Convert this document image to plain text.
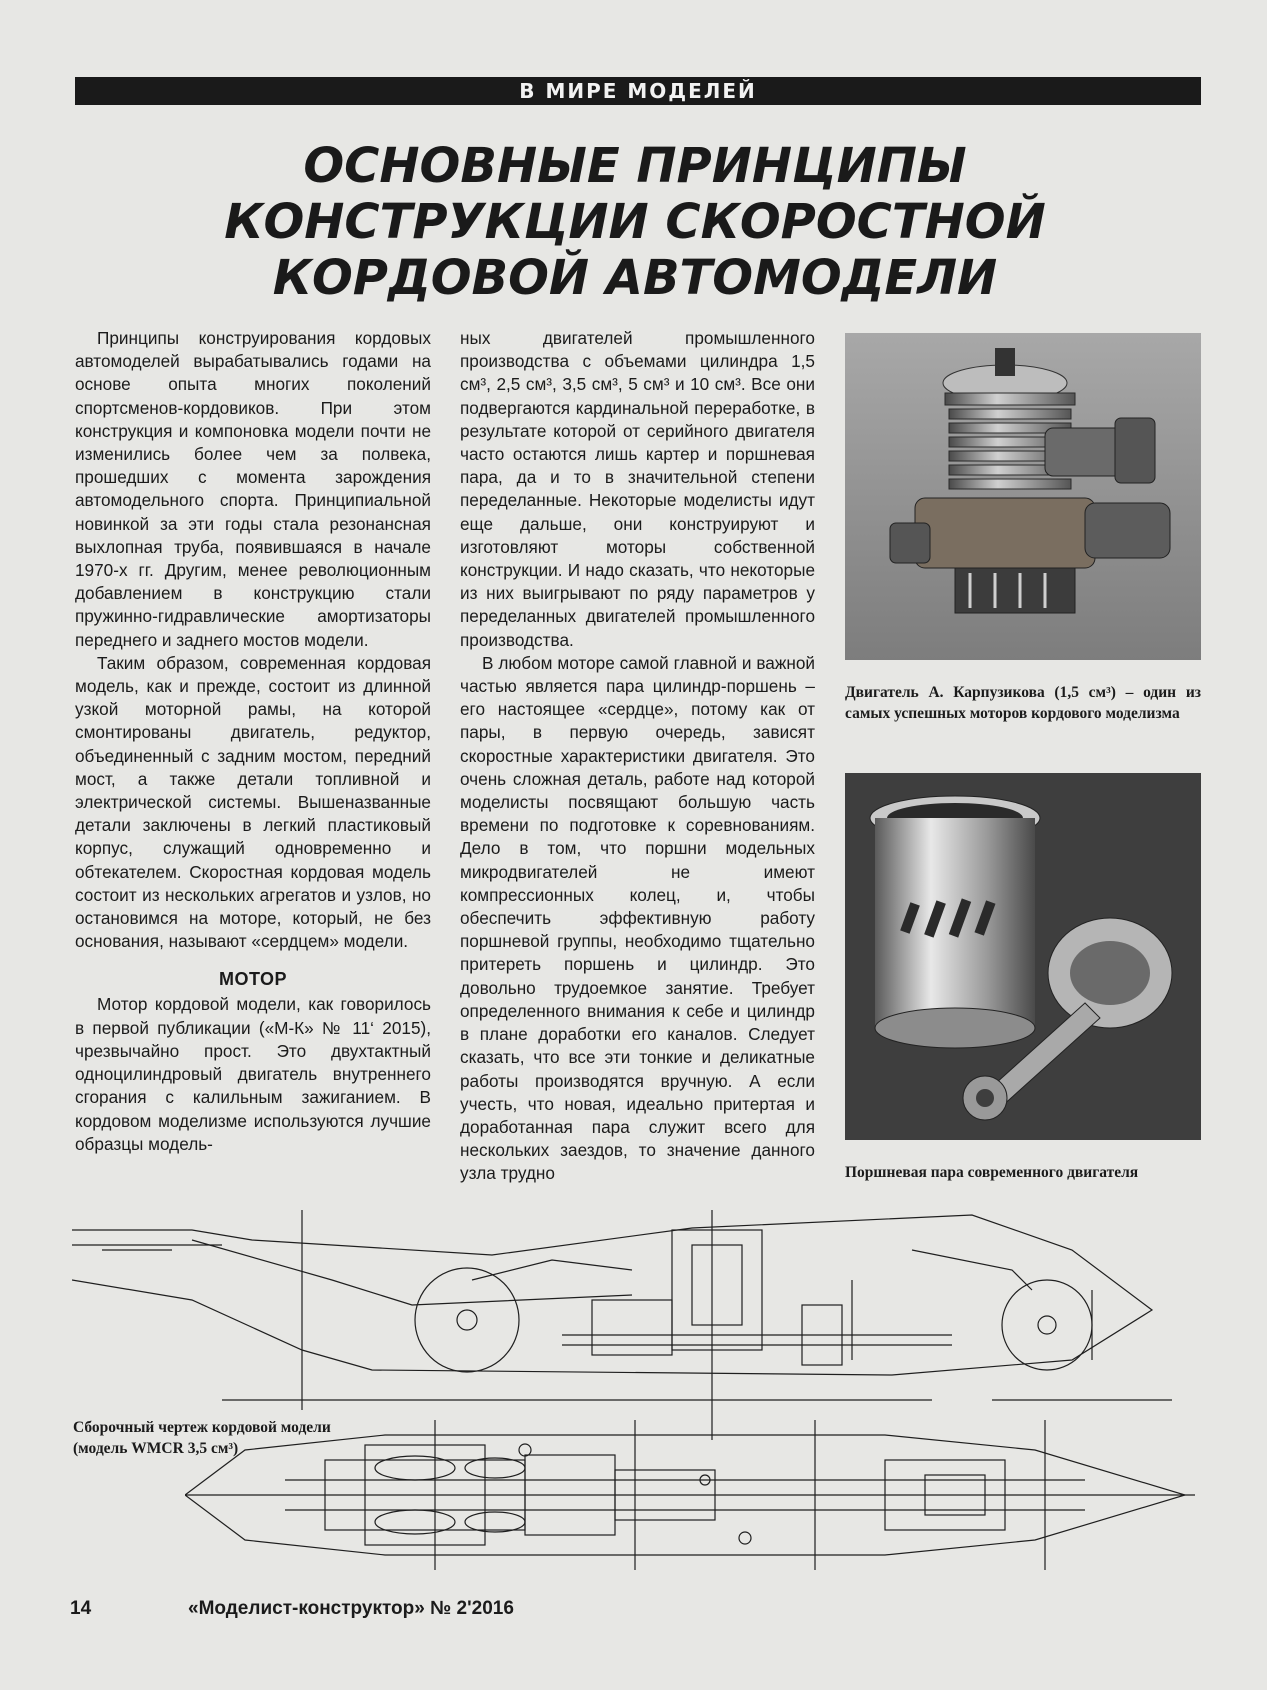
В МИРЕ МОДЕЛЕЙ
ОСНОВНЫЕ ПРИНЦИПЫ
КОНСТРУКЦИИ СКОРОСТНОЙ
КОРДОВОЙ АВТОМОДЕЛИ

Принципы конструирования кордовых автомоделей вырабатывались годами на основе опыта многих поколений спортсменов-кордовиков. При этом конструкция и компоновка модели почти не изменились более чем за полвека, прошедших с момента зарождения автомодельного спорта. Принципиальной новинкой за эти годы стала резонансная выхлопная труба, появившаяся в начале 1970-х гг. Другим, менее революционным добавлением в конструкцию стали пружинно-гидравлические амортизаторы переднего и заднего мостов модели.

Таким образом, современная кордовая модель, как и прежде, состоит из длинной узкой моторной рамы, на которой смонтированы двигатель, редуктор, объединенный с задним мостом, передний мост, а также детали топливной и электрической системы. Вышеназванные детали заключены в легкий пластиковый корпус, служащий одновременно и обтекателем. Скоростная кордовая модель состоит из нескольких агрегатов и узлов, но остановимся на моторе, который, не без основания, называют «сердцем» модели.

МОТОР

Мотор кордовой модели, как говорилось в первой публикации («М-К» № 11‘ 2015), чрезвычайно прост. Это двухтактный одноцилиндровый двигатель внутреннего сгорания с калильным зажиганием. В кордовом моделизме используются лучшие образцы модель-

ных двигателей промышленного производства с объемами цилиндра 1,5 см³, 2,5 см³, 3,5 см³, 5 см³ и 10 см³. Все они подвергаются кардинальной переработке, в результате которой от серийного двигателя часто остаются лишь картер и поршневая пара, да и то в значительной степени переделанные. Некоторые моделисты идут еще дальше, они конструируют и изготовляют моторы собственной конструкции. И надо сказать, что некоторые из них выигрывают по ряду параметров у переделанных двигателей промышленного производства.

В любом моторе самой главной и важной частью является пара цилиндр-поршень – его настоящее «сердце», потому как от пары, в первую очередь, зависят скоростные характеристики двигателя. Это очень сложная деталь, работе над которой моделисты посвящают большую часть времени по подготовке к соревнованиям. Дело в том, что поршни модельных микродвигателей не имеют компрессионных колец, и, чтобы обеспечить эффективную работу поршневой группы, необходимо тщательно притереть поршень и цилиндр. Это довольно трудоемкое занятие. Требует определенного внимания к себе и цилиндр в плане доработки его каналов. Следует сказать, что все эти тонкие и деликатные работы производятся вручную. А если учесть, что новая, идеально притертая и доработанная пара служит всего для нескольких заездов, то значение данного узла трудно

Двигатель А. Карпузикова (1,5 см³) – один из самых успешных моторов кордового моделизма
Поршневая пара современного двигателя
Сборочный чертеж кордовой модели
(модель WMCR 3,5 см³)
14	«Моделист-конструктор» № 2'2016
